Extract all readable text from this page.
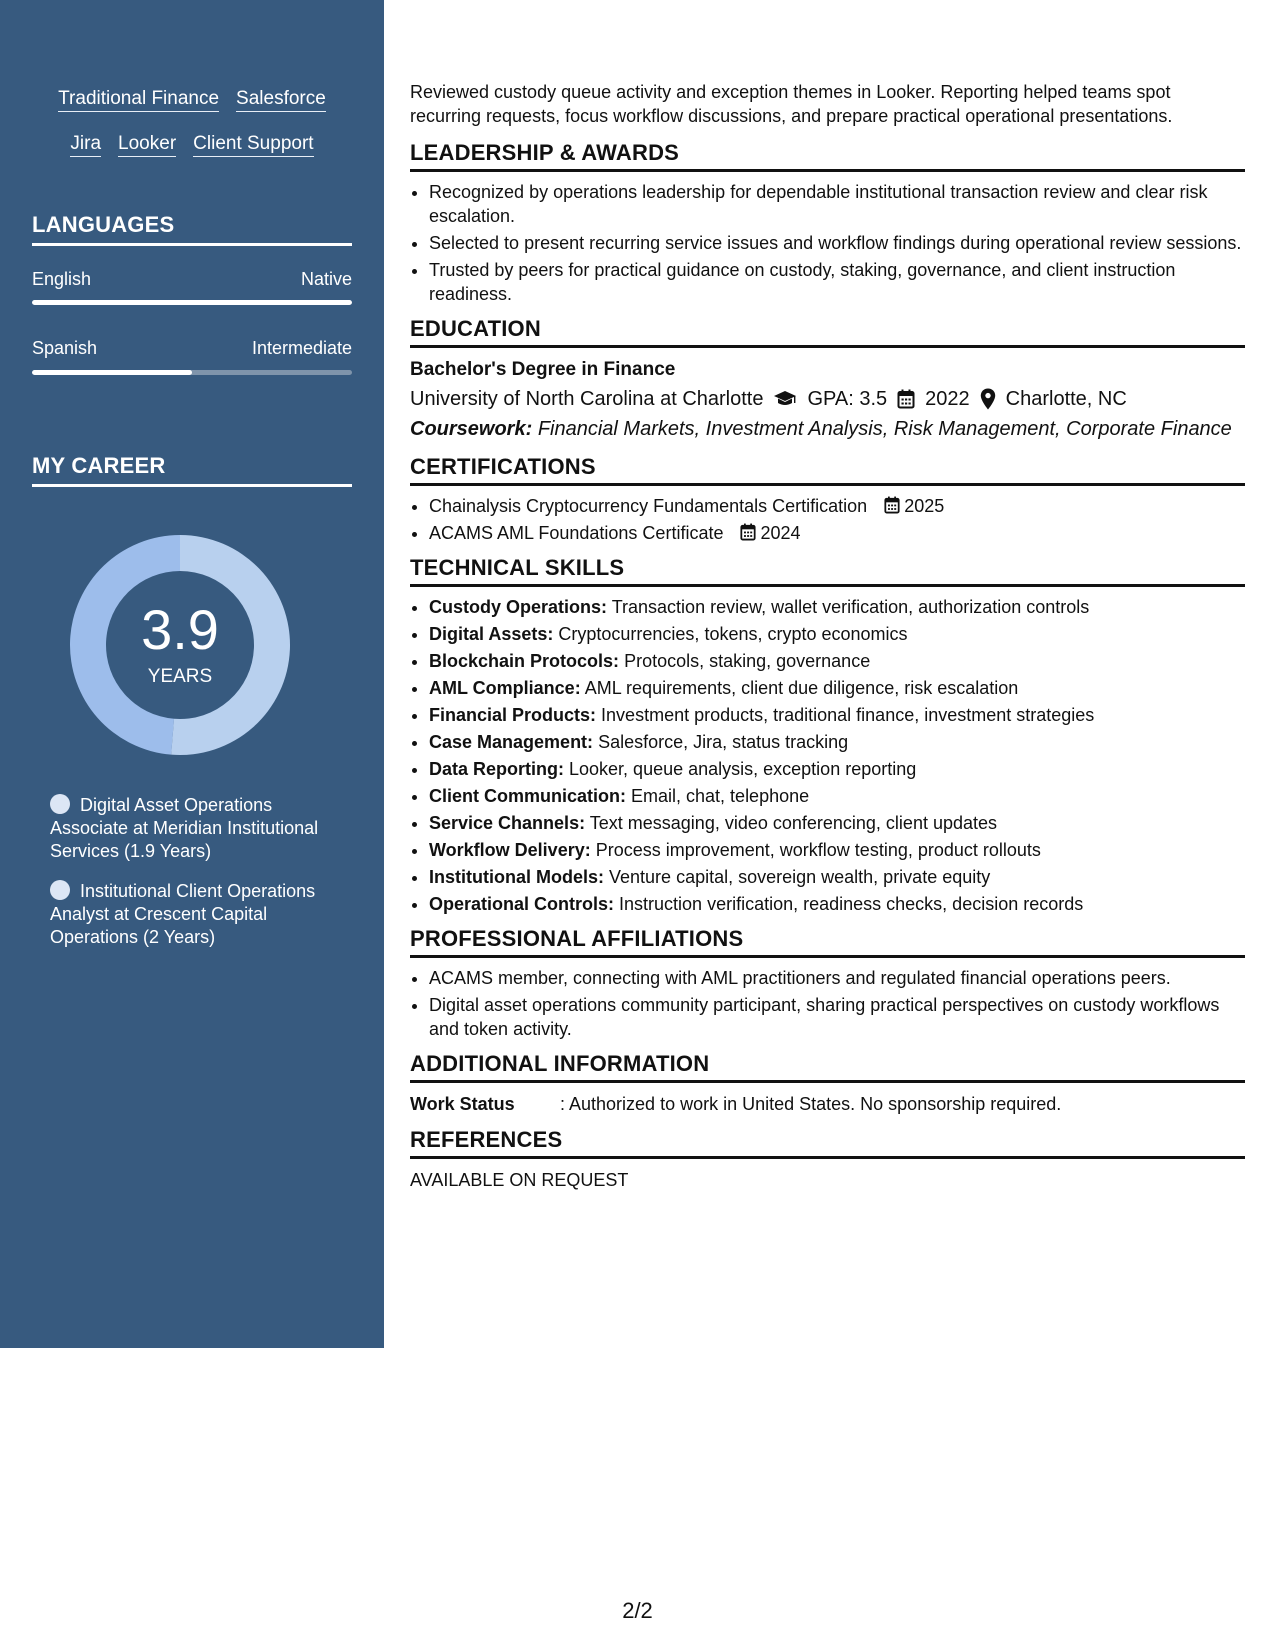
Traditional Finance Salesforce
Jira Looker Client Support
LANGUAGES
English	Native
Spanish	Intermediate
MY CAREER
3.9
YEARS
Digital Asset Operations Associate at Meridian Institutional Services (1.9 Years)
Institutional Client Operations Analyst at Crescent Capital Operations (2 Years)

Reviewed custody queue activity and exception themes in Looker. Reporting helped teams spot recurring requests, focus workflow discussions, and prepare practical operational presentations.

LEADERSHIP & AWARDS
• Recognized by operations leadership for dependable institutional transaction review and clear risk escalation.
• Selected to present recurring service issues and workflow findings during operational review sessions.
• Trusted by peers for practical guidance on custody, staking, governance, and client instruction readiness.
EDUCATION
Bachelor's Degree in Finance
University of North Carolina at Charlotte GPA: 3.5 2022 Charlotte, NC
Coursework: Financial Markets, Investment Analysis, Risk Management, Corporate Finance
CERTIFICATIONS
• Chainalysis Cryptocurrency Fundamentals Certification 2025
• ACAMS AML Foundations Certificate 2024
TECHNICAL SKILLS
• Custody Operations: Transaction review, wallet verification, authorization controls
• Digital Assets: Cryptocurrencies, tokens, crypto economics
• Blockchain Protocols: Protocols, staking, governance
• AML Compliance: AML requirements, client due diligence, risk escalation
• Financial Products: Investment products, traditional finance, investment strategies
• Case Management: Salesforce, Jira, status tracking
• Data Reporting: Looker, queue analysis, exception reporting
• Client Communication: Email, chat, telephone
• Service Channels: Text messaging, video conferencing, client updates
• Workflow Delivery: Process improvement, workflow testing, product rollouts
• Institutional Models: Venture capital, sovereign wealth, private equity
• Operational Controls: Instruction verification, readiness checks, decision records
PROFESSIONAL AFFILIATIONS
• ACAMS member, connecting with AML practitioners and regulated financial operations peers.
• Digital asset operations community participant, sharing practical perspectives on custody workflows and token activity.
ADDITIONAL INFORMATION
Work Status	: Authorized to work in United States. No sponsorship required.
REFERENCES
AVAILABLE ON REQUEST
2/2
